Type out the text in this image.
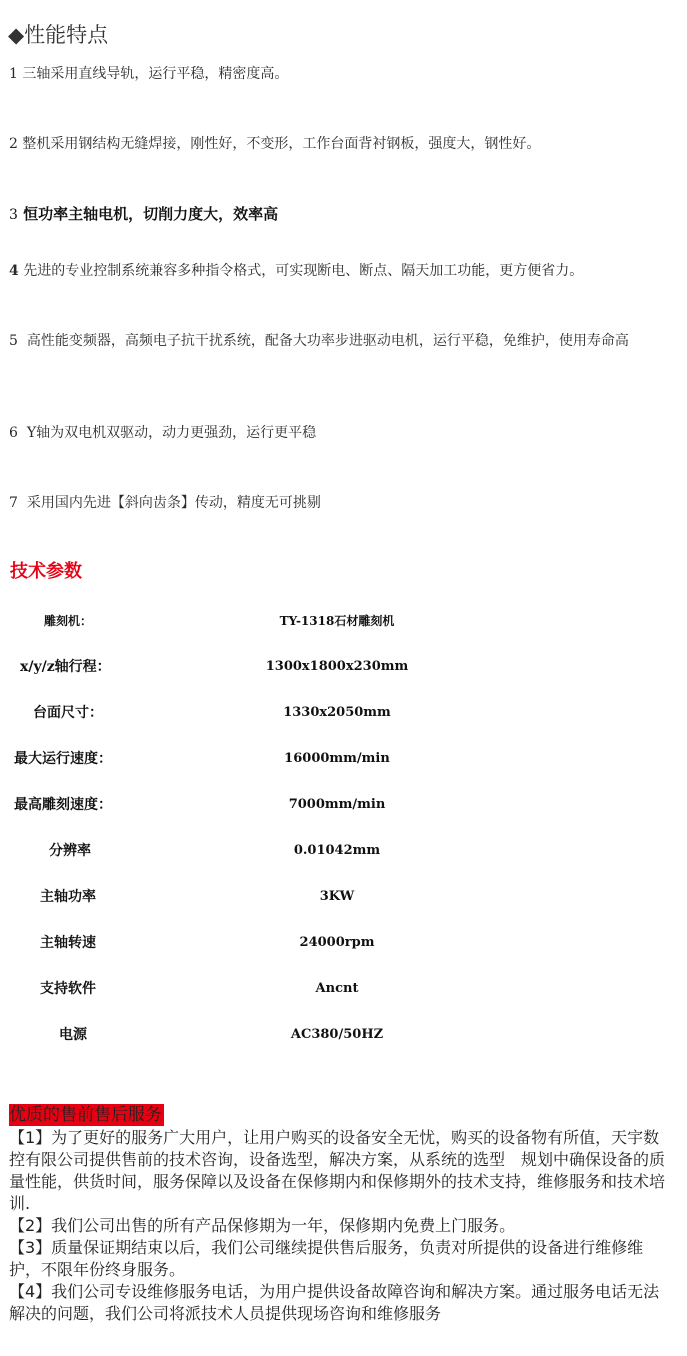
◆性能特点

1 三轴采用直线导轨，运行平稳，精密度高。

2 整机采用钢结构无缝焊接，刚性好，不变形，工作台面背衬钢板，强度大，钢性好。

3 恒功率主轴电机，切削力度大，效率高

4 先进的专业控制系统兼容多种指令格式，可实现断电、断点、隔天加工功能，更方便省力。

5 高性能变频器，高频电子抗干扰系统，配备大功率步进驱动电机，运行平稳，免维护，使用寿命高

6 Y轴为双电机双驱动，动力更强劲，运行更平稳

7 采用国内先进【斜向齿条】传动，精度无可挑剔

技术参数
雕刻机：	TY-1318石材雕刻机
x/y/z轴行程：	1300x1800x230mm
台面尺寸：	1330x2050mm
最大运行速度：	16000mm/min
最高雕刻速度：	7000mm/min
分辨率	0.01042mm
主轴功率	3KW
主轴转速	24000rpm
支持软件	Ancnt
电源	AC380/50HZ
优质的售前售后服务

【1】为了更好的服务广大用户，让用户购买的设备安全无忧，购买的设备物有所值，天宇数控有限公司提供售前的技术咨询，设备选型，解决方案，从系统的选型　规划中确保设备的质量性能，供货时间，服务保障以及设备在保修期内和保修期外的技术支持，维修服务和技术培训.

【2】我们公司出售的所有产品保修期为一年，保修期内免费上门服务。

【3】质量保证期结束以后，我们公司继续提供售后服务，负责对所提供的设备进行维修维护，不限年份终身服务。

【4】我们公司专设维修服务电话，为用户提供设备故障咨询和解决方案。通过服务电话无法解决的问题，我们公司将派技术人员提供现场咨询和维修服务
